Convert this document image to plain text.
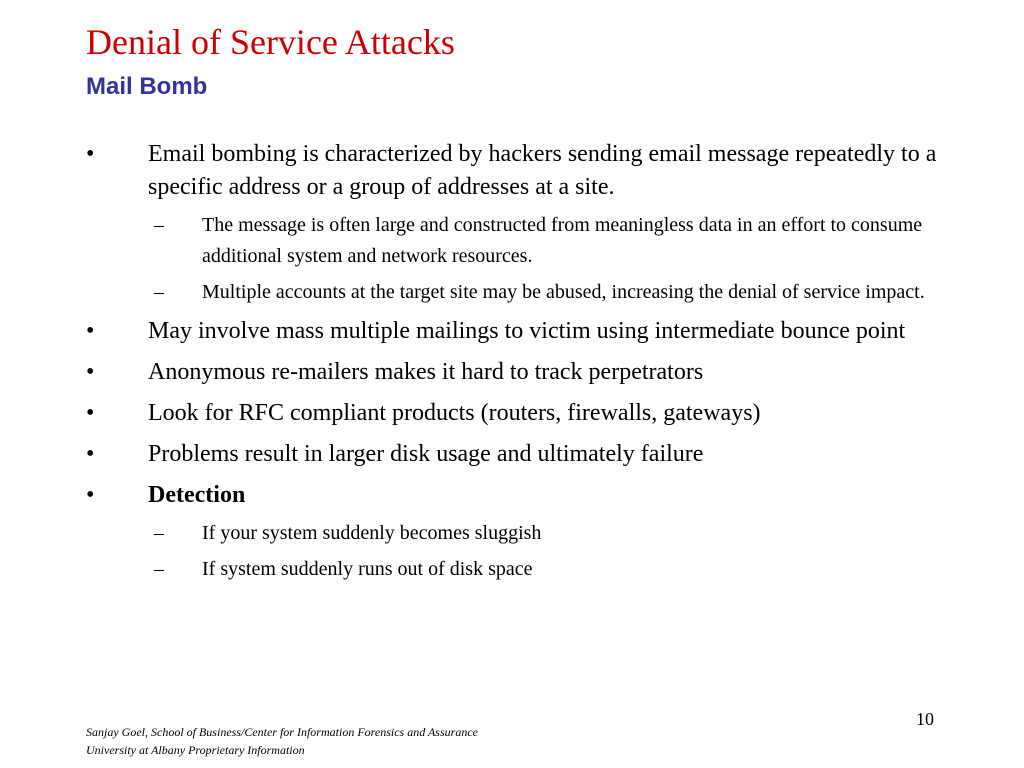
Denial of Service Attacks
Mail Bomb
•	Email bombing is characterized by hackers sending email message repeatedly to a specific address or a group of addresses at a site.
–	The message is often large and constructed from meaningless data in an effort to consume additional system and network resources.
–	Multiple accounts at the target site may be abused, increasing the denial of service impact.
•	May involve mass multiple mailings to victim using intermediate bounce point
•	Anonymous re-mailers makes it hard to track perpetrators
•	Look for RFC compliant products (routers, firewalls, gateways)
•	Problems result in larger disk usage and ultimately failure
•	Detection
–	If your system suddenly becomes sluggish
–	If system suddenly runs out of disk space
10
Sanjay Goel, School of Business/Center for Information Forensics and Assurance
University at Albany Proprietary Information
